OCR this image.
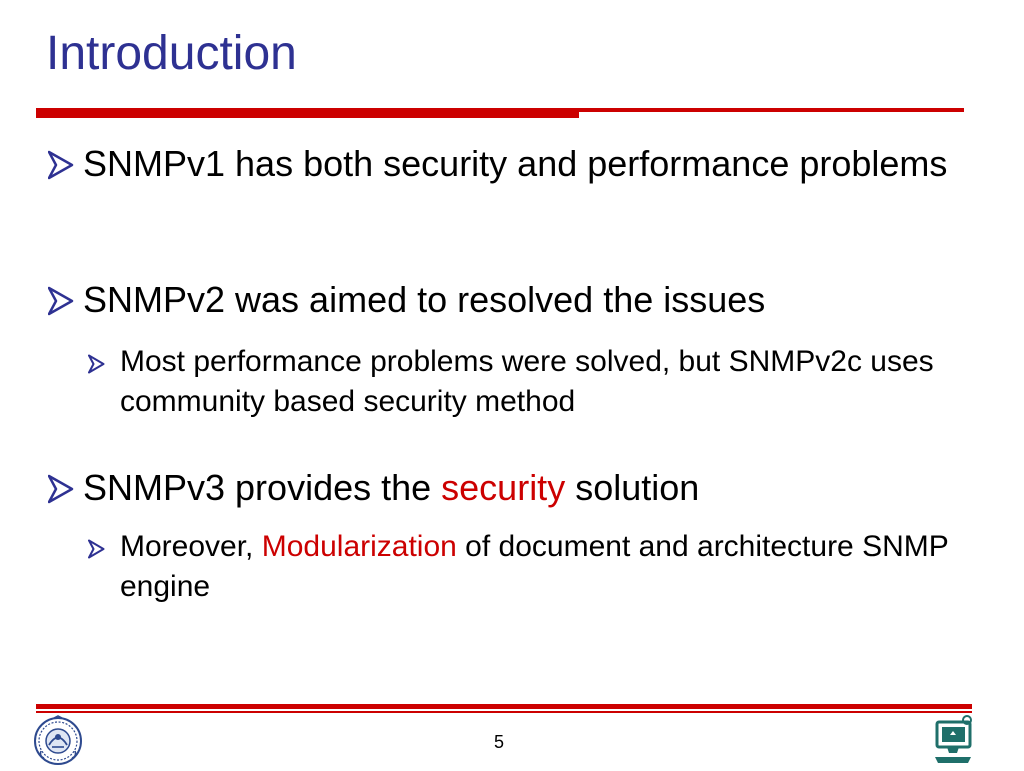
Introduction
SNMPv1 has both security and performance problems
SNMPv2 was aimed to resolved the issues
Most performance problems were solved, but SNMPv2c uses community based security method
SNMPv3 provides the security solution
Moreover, Modularization of document and architecture SNMP engine
5
